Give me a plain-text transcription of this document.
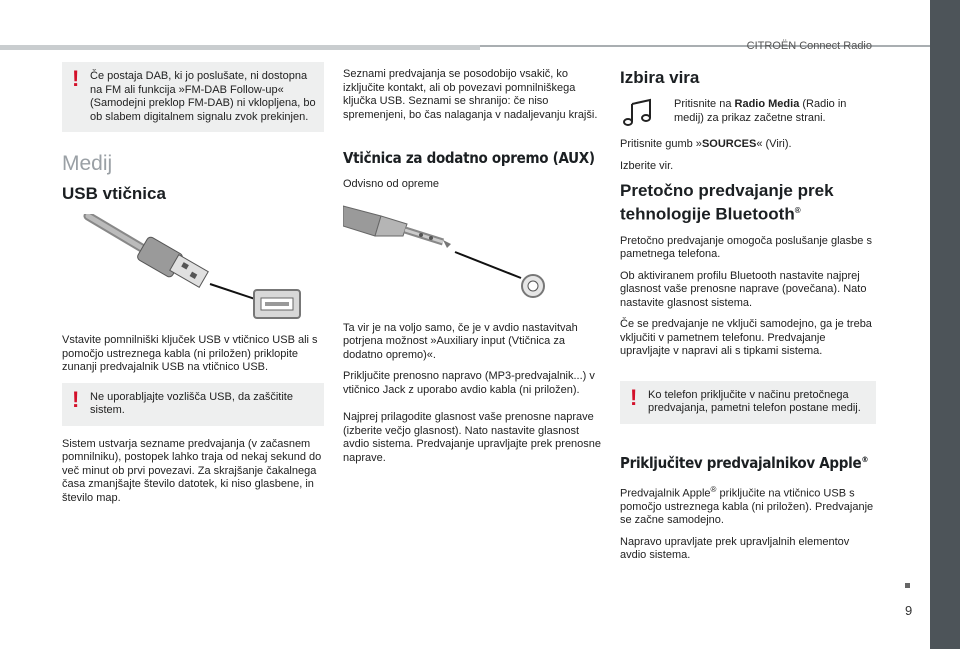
CITROËN Connect Radio
9
! Če postaja DAB, ki jo poslušate, ni dostopna na FM ali funkcija »FM-DAB Follow-up« (Samodejni preklop FM-DAB) ni vklopljena, bo ob slabem digitalnem signalu zvok prekinjen.
Medij
USB vtičnica

Vstavite pomnilniški ključek USB v vtičnico USB ali s pomočjo ustreznega kabla (ni priložen) priklopite zunanji predvajalnik USB na vtičnico USB.

! Ne uporabljajte vozlišča USB, da zaščitite sistem.

Sistem ustvarja sezname predvajanja (v začasnem pomnilniku), postopek lahko traja od nekaj sekund do več minut ob prvi povezavi. Za skrajšanje čakalnega časa zmanjšajte število datotek, ki niso glasbene, in število map.

Seznami predvajanja se posodobijo vsakič, ko izključite kontakt, ali ob povezavi pomnilniškega ključka USB. Seznami se shranijo: če niso spremenjeni, bo čas nalaganja v nadaljevanju krajši.

Vtičnica za dodatno opremo (AUX)

Odvisno od opreme

Ta vir je na voljo samo, če je v avdio nastavitvah potrjena možnost »Auxiliary input (Vtičnica za dodatno opremo)«.

Priključite prenosno napravo (MP3-predvajalnik...) v vtičnico Jack z uporabo avdio kabla (ni priložen).

Najprej prilagodite glasnost vaše prenosne naprave (izberite večjo glasnost). Nato nastavite glasnost avdio sistema. Predvajanje upravljajte prek prenosne naprave.

Izbira vira

Pritisnite na Radio Media (Radio in medij) za prikaz začetne strani.

Pritisnite gumb »SOURCES« (Viri).

Izberite vir.

Pretočno predvajanje prek tehnologije Bluetooth®

Pretočno predvajanje omogoča poslušanje glasbe s pametnega telefona.

Ob aktiviranem profilu Bluetooth nastavite najprej glasnost vaše prenosne naprave (povečana). Nato nastavite glasnost sistema.

Če se predvajanje ne vključi samodejno, ga je treba vključiti v pametnem telefonu. Predvajanje upravljajte v napravi ali s tipkami sistema.

! Ko telefon priključite v načinu pretočnega predvajanja, pametni telefon postane medij.
Priključitev predvajalnikov Apple®

Predvajalnik Apple® priključite na vtičnico USB s pomočjo ustreznega kabla (ni priložen). Predvajanje se začne samodejno.

Napravo upravljate prek upravljalnih elementov avdio sistema.
